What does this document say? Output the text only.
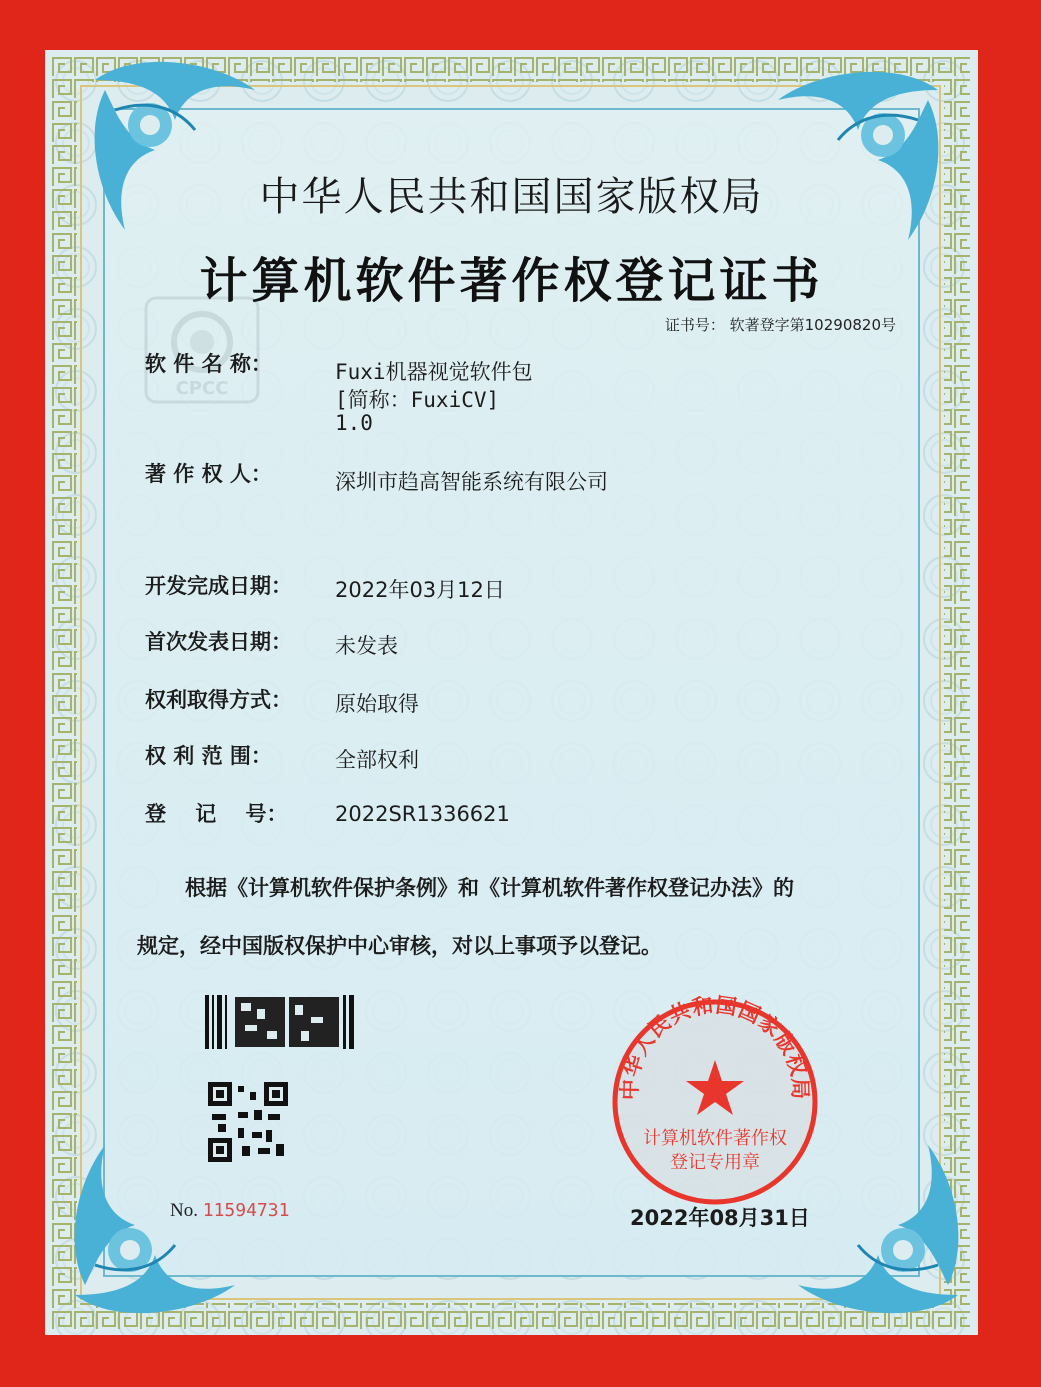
CPCC
中华人民共和国国家版权局
计算机软件著作权登记证书
证书号： 软著登字第10290820号
软 件 名 称：	Fuxi机器视觉软件包
[简称：FuxiCV]
1.0
著 作 权 人：	深圳市趋高智能系统有限公司
开发完成日期：	2022年03月12日
首次发表日期：	未发表
权利取得方式：	原始取得
权 利 范 围：	全部权利
登    记    号：	2022SR1336621
根据《计算机软件保护条例》和《计算机软件著作权登记办法》的
规定，经中国版权保护中心审核，对以上事项予以登记。
No. 11594731
中华人民共和国国家版权局
计算机软件著作权
登记专用章
2022年08月31日
